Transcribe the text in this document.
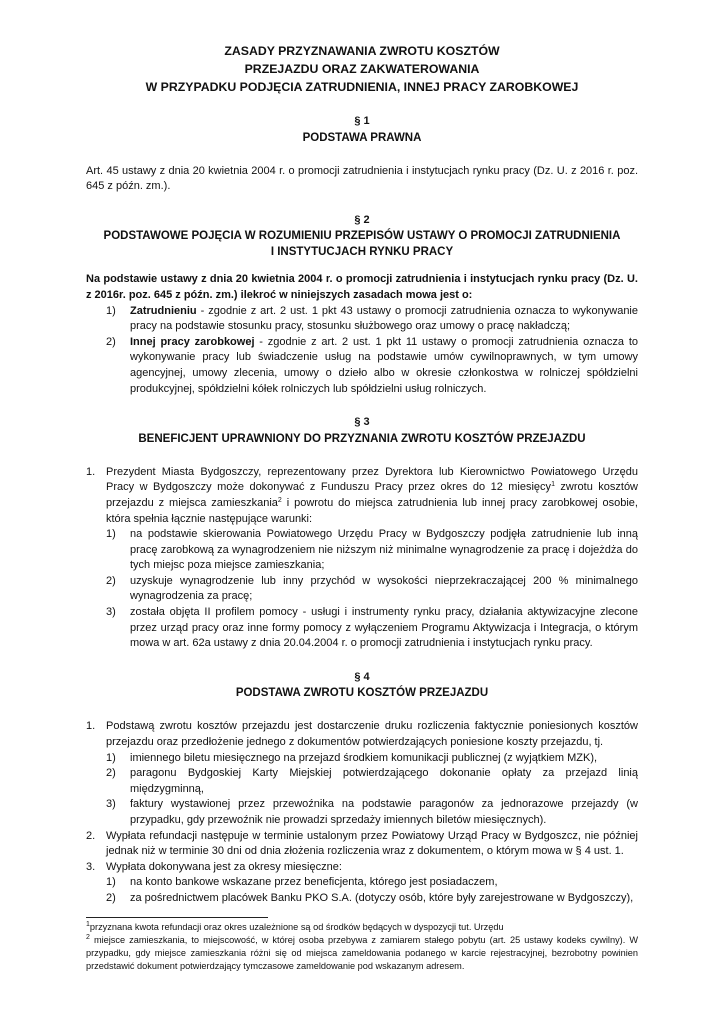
ZASADY PRZYZNAWANIA ZWROTU KOSZTÓW
PRZEJAZDU ORAZ ZAKWATEROWANIA
W PRZYPADKU PODJĘCIA ZATRUDNIENIA, INNEJ PRACY ZAROBKOWEJ
§ 1
PODSTAWA PRAWNA

Art. 45 ustawy z dnia 20 kwietnia 2004 r. o promocji zatrudnienia i instytucjach rynku pracy (Dz. U. z 2016 r. poz. 645 z późn. zm.).

§ 2
PODSTAWOWE POJĘCIA W ROZUMIENIU PRZEPISÓW USTAWY O PROMOCJI ZATRUDNIENIA
I INSTYTUCJACH RYNKU PRACY

Na podstawie ustawy z dnia 20 kwietnia 2004 r. o promocji zatrudnienia i instytucjach rynku pracy (Dz. U. z 2016r. poz. 645 z późn. zm.) ilekroć w niniejszych zasadach mowa jest o:

1) Zatrudnieniu - zgodnie z art. 2 ust. 1 pkt 43 ustawy o promocji zatrudnienia oznacza to wykonywanie pracy na podstawie stosunku pracy, stosunku służbowego oraz umowy o pracę nakładczą;
2) Innej pracy zarobkowej - zgodnie z art. 2 ust. 1 pkt 11 ustawy o promocji zatrudnienia oznacza to wykonywanie pracy lub świadczenie usług na podstawie umów cywilnoprawnych, w tym umowy agencyjnej, umowy zlecenia, umowy o dzieło albo w okresie członkostwa w rolniczej spółdzielni produkcyjnej, spółdzielni kółek rolniczych lub spółdzielni usług rolniczych.
§ 3
BENEFICJENT UPRAWNIONY DO PRZYZNANIA ZWROTU KOSZTÓW PRZEJAZDU
1. Prezydent Miasta Bydgoszczy, reprezentowany przez Dyrektora lub Kierownictwo Powiatowego Urzędu Pracy w Bydgoszczy może dokonywać z Funduszu Pracy przez okres do 12 miesięcy$^1$ zwrotu kosztów przejazdu z miejsca zamieszkania$^2$ i powrotu do miejsca zatrudnienia lub innej pracy zarobkowej osobie, która spełnia łącznie następujące warunki:
1) na podstawie skierowania Powiatowego Urzędu Pracy w Bydgoszczy podjęła zatrudnienie lub inną pracę zarobkową za wynagrodzeniem nie niższym niż minimalne wynagrodzenie za pracę i dojeżdża do tych miejsc poza miejsce zamieszkania;
2) uzyskuje wynagrodzenie lub inny przychód w wysokości nieprzekraczającej 200 % minimalnego wynagrodzenia za pracę;
3) została objęta II profilem pomocy - usługi i instrumenty rynku pracy, działania aktywizacyjne zlecone przez urząd pracy oraz inne formy pomocy z wyłączeniem Programu Aktywizacja i Integracja, o którym mowa w art. 62a ustawy z dnia 20.04.2004 r. o promocji zatrudnienia i instytucjach rynku pracy.
§ 4
PODSTAWA ZWROTU KOSZTÓW PRZEJAZDU
1. Podstawą zwrotu kosztów przejazdu jest dostarczenie druku rozliczenia faktycznie poniesionych kosztów przejazdu oraz przedłożenie jednego z dokumentów potwierdzających poniesione koszty przejazdu, tj.
1) imiennego biletu miesięcznego na przejazd środkiem komunikacji publicznej (z wyjątkiem MZK),
2) paragonu Bydgoskiej Karty Miejskiej potwierdzającego dokonanie opłaty za przejazd linią międzygminną,
3) faktury wystawionej przez przewoźnika na podstawie paragonów za jednorazowe przejazdy (w przypadku, gdy przewoźnik nie prowadzi sprzedaży imiennych biletów miesięcznych).
2. Wypłata refundacji następuje w terminie ustalonym przez Powiatowy Urząd Pracy w Bydgoszcz, nie później jednak niż w terminie 30 dni od dnia złożenia rozliczenia wraz z dokumentem, o którym mowa w § 4 ust. 1.
3. Wypłata dokonywana jest za okresy miesięczne:
1) na konto bankowe wskazane przez beneficjenta, którego jest posiadaczem,
2) za pośrednictwem placówek Banku PKO S.A. (dotyczy osób, które były zarejestrowane w Bydgoszczy),
$^1$przyznana kwota refundacji oraz okres uzależnione są od środków będących w dyspozycji tut. Urzędu
$^2$ miejsce zamieszkania, to miejscowość, w której osoba przebywa z zamiarem stałego pobytu (art. 25 ustawy kodeks cywilny). W przypadku, gdy miejsce zamieszkania różni się od miejsca zameldowania podanego w karcie rejestracyjnej, bezrobotny powinien przedstawić dokument potwierdzający tymczasowe zameldowanie pod wskazanym adresem.
